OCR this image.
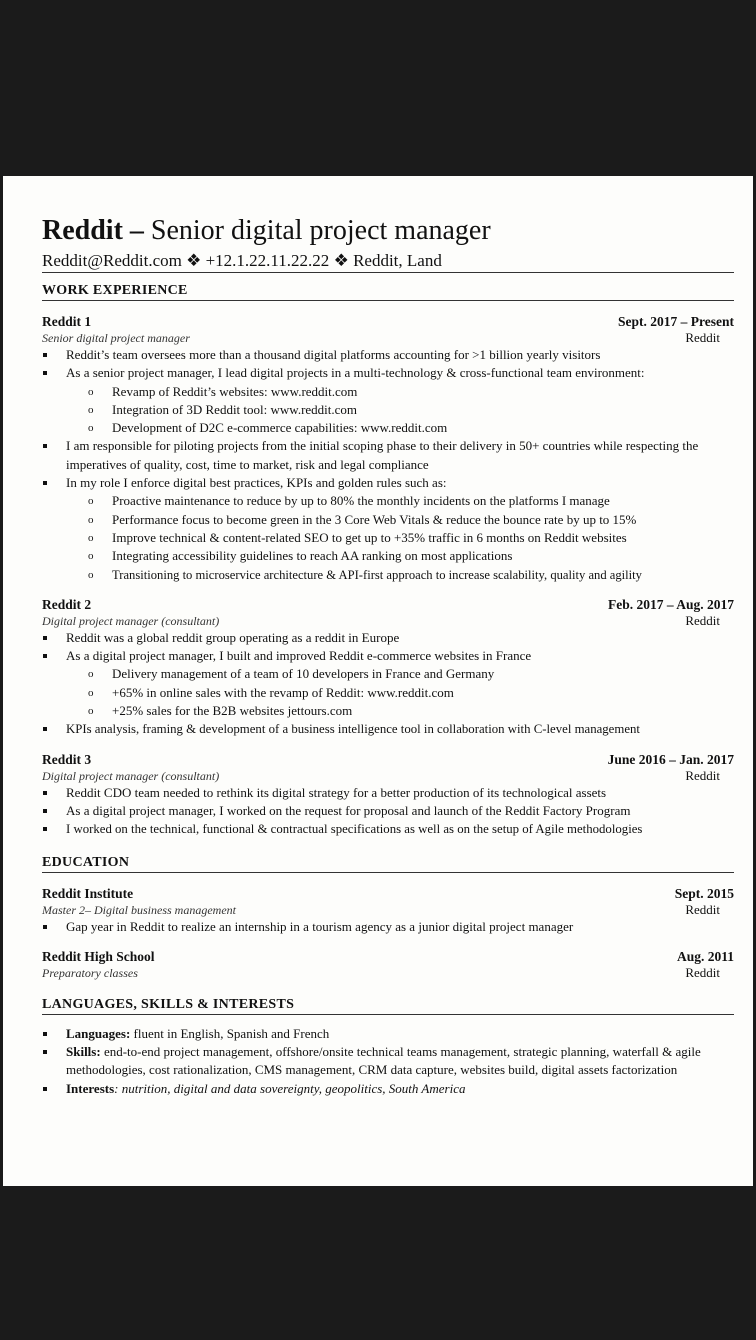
Reddit – Senior digital project manager
Reddit@Reddit.com ❖ +12.1.22.11.22.22 ❖ Reddit, Land
WORK EXPERIENCE
Reddit 1	Sept. 2017 – Present
Senior digital project manager	Reddit
Reddit’s team oversees more than a thousand digital platforms accounting for >1 billion yearly visitors
As a senior project manager, I lead digital projects in a multi-technology & cross-functional team environment:
o Revamp of Reddit’s websites: www.reddit.com
o Integration of 3D Reddit tool: www.reddit.com
o Development of D2C e-commerce capabilities: www.reddit.com
I am responsible for piloting projects from the initial scoping phase to their delivery in 50+ countries while respecting the imperatives of quality, cost, time to market, risk and legal compliance
In my role I enforce digital best practices, KPIs and golden rules such as:
o Proactive maintenance to reduce by up to 80% the monthly incidents on the platforms I manage
o Performance focus to become green in the 3 Core Web Vitals & reduce the bounce rate by up to 15%
o Improve technical & content-related SEO to get up to +35% traffic in 6 months on Reddit websites
o Integrating accessibility guidelines to reach AA ranking on most applications
o Transitioning to microservice architecture & API-first approach to increase scalability, quality and agility
Reddit 2	Feb. 2017 – Aug. 2017
Digital project manager (consultant)	Reddit
Reddit was a global reddit group operating as a reddit in Europe
As a digital project manager, I built and improved Reddit e-commerce websites in France
o Delivery management of a team of 10 developers in France and Germany
o +65% in online sales with the revamp of Reddit: www.reddit.com
o +25% sales for the B2B websites jettours.com
KPIs analysis, framing & development of a business intelligence tool in collaboration with C-level management
Reddit 3	June 2016 – Jan. 2017
Digital project manager (consultant)	Reddit
Reddit CDO team needed to rethink its digital strategy for a better production of its technological assets
As a digital project manager, I worked on the request for proposal and launch of the Reddit Factory Program
I worked on the technical, functional & contractual specifications as well as on the setup of Agile methodologies
EDUCATION
Reddit Institute	Sept. 2015
Master 2– Digital business management	Reddit
Gap year in Reddit to realize an internship in a tourism agency as a junior digital project manager
Reddit High School	Aug. 2011
Preparatory classes	Reddit
LANGUAGES, SKILLS & INTERESTS
Languages: fluent in English, Spanish and French
Skills: end-to-end project management, offshore/onsite technical teams management, strategic planning, waterfall & agile methodologies, cost rationalization, CMS management, CRM data capture, websites build, digital assets factorization
Interests: nutrition, digital and data sovereignty, geopolitics, South America
